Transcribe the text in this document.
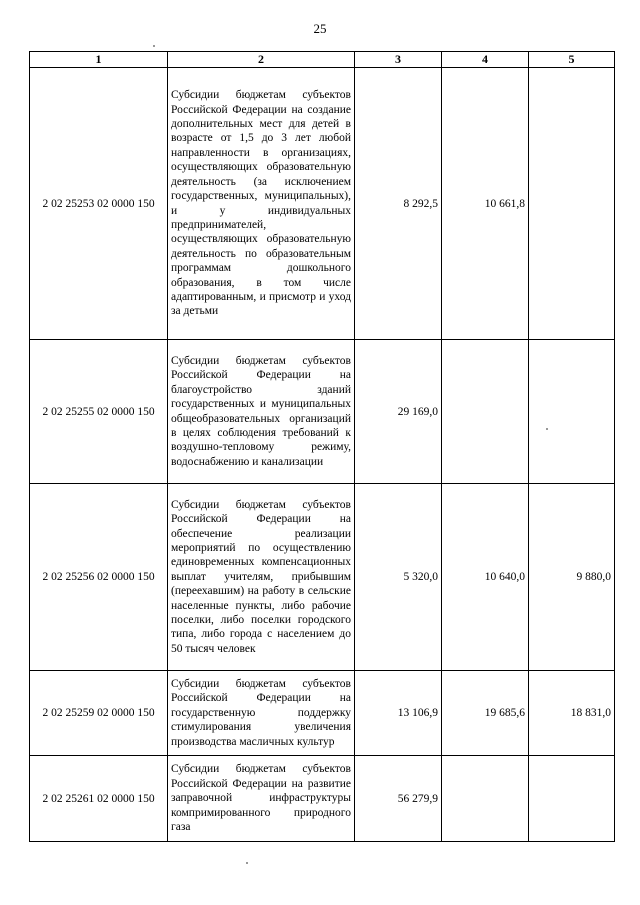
25
1	2	3	4	5
2 02 25253 02 0000 150	Субсидии бюджетам субъектов Российской Федерации на создание дополнительных мест для детей в возрасте от 1,5 до 3 лет любой направленности в организациях, осуществляющих образовательную деятельность (за исключением государственных, муниципальных), и у индивидуальных предпринимателей, осуществляющих образовательную деятельность по образовательным программам дошкольного образования, в том числе адаптированным, и присмотр и уход за детьми	8 292,5	10 661,8	
2 02 25255 02 0000 150	Субсидии бюджетам субъектов Российской Федерации на благоустройство зданий государственных и муниципальных общеобразовательных организаций в целях соблюдения требований к воздушно-тепловому режиму, водоснабжению и канализации	29 169,0		
2 02 25256 02 0000 150	Субсидии бюджетам субъектов Российской Федерации на обеспечение реализации мероприятий по осуществлению единовременных компенсационных выплат учителям, прибывшим (переехавшим) на работу в сельские населенные пункты, либо рабочие поселки, либо поселки городского типа, либо города с населением до 50 тысяч человек	5 320,0	10 640,0	9 880,0
2 02 25259 02 0000 150	Субсидии бюджетам субъектов Российской Федерации на государственную поддержку стимулирования увеличения производства масличных культур	13 106,9	19 685,6	18 831,0
2 02 25261 02 0000 150	Субсидии бюджетам субъектов Российской Федерации на развитие заправочной инфраструктуры компримированного природного газа	56 279,9		
